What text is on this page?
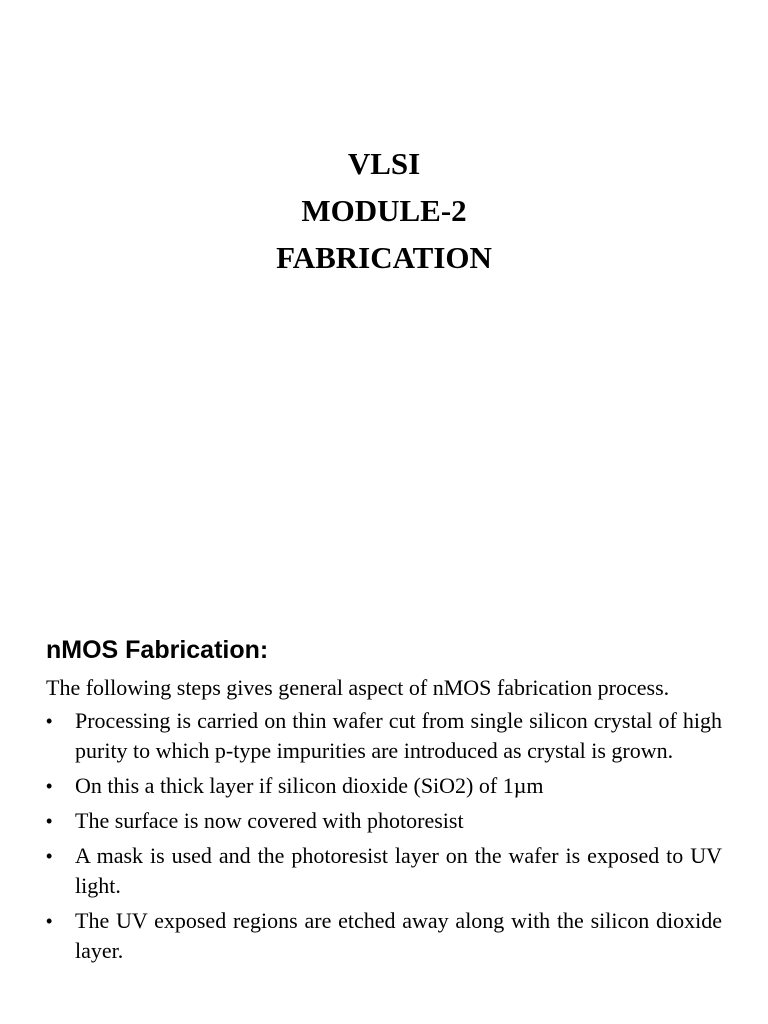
VLSI
MODULE-2
FABRICATION
nMOS Fabrication:
The following steps gives general aspect of nMOS fabrication process.
• Processing is carried on thin wafer cut from single silicon crystal of high purity to which p-type impurities are introduced as crystal is grown.
• On this a thick layer if silicon dioxide (SiO2) of 1µm
• The surface is now covered with photoresist
• A mask is used and the photoresist layer on the wafer is exposed to UV light.
• The UV exposed regions are etched away along with the silicon dioxide layer.
